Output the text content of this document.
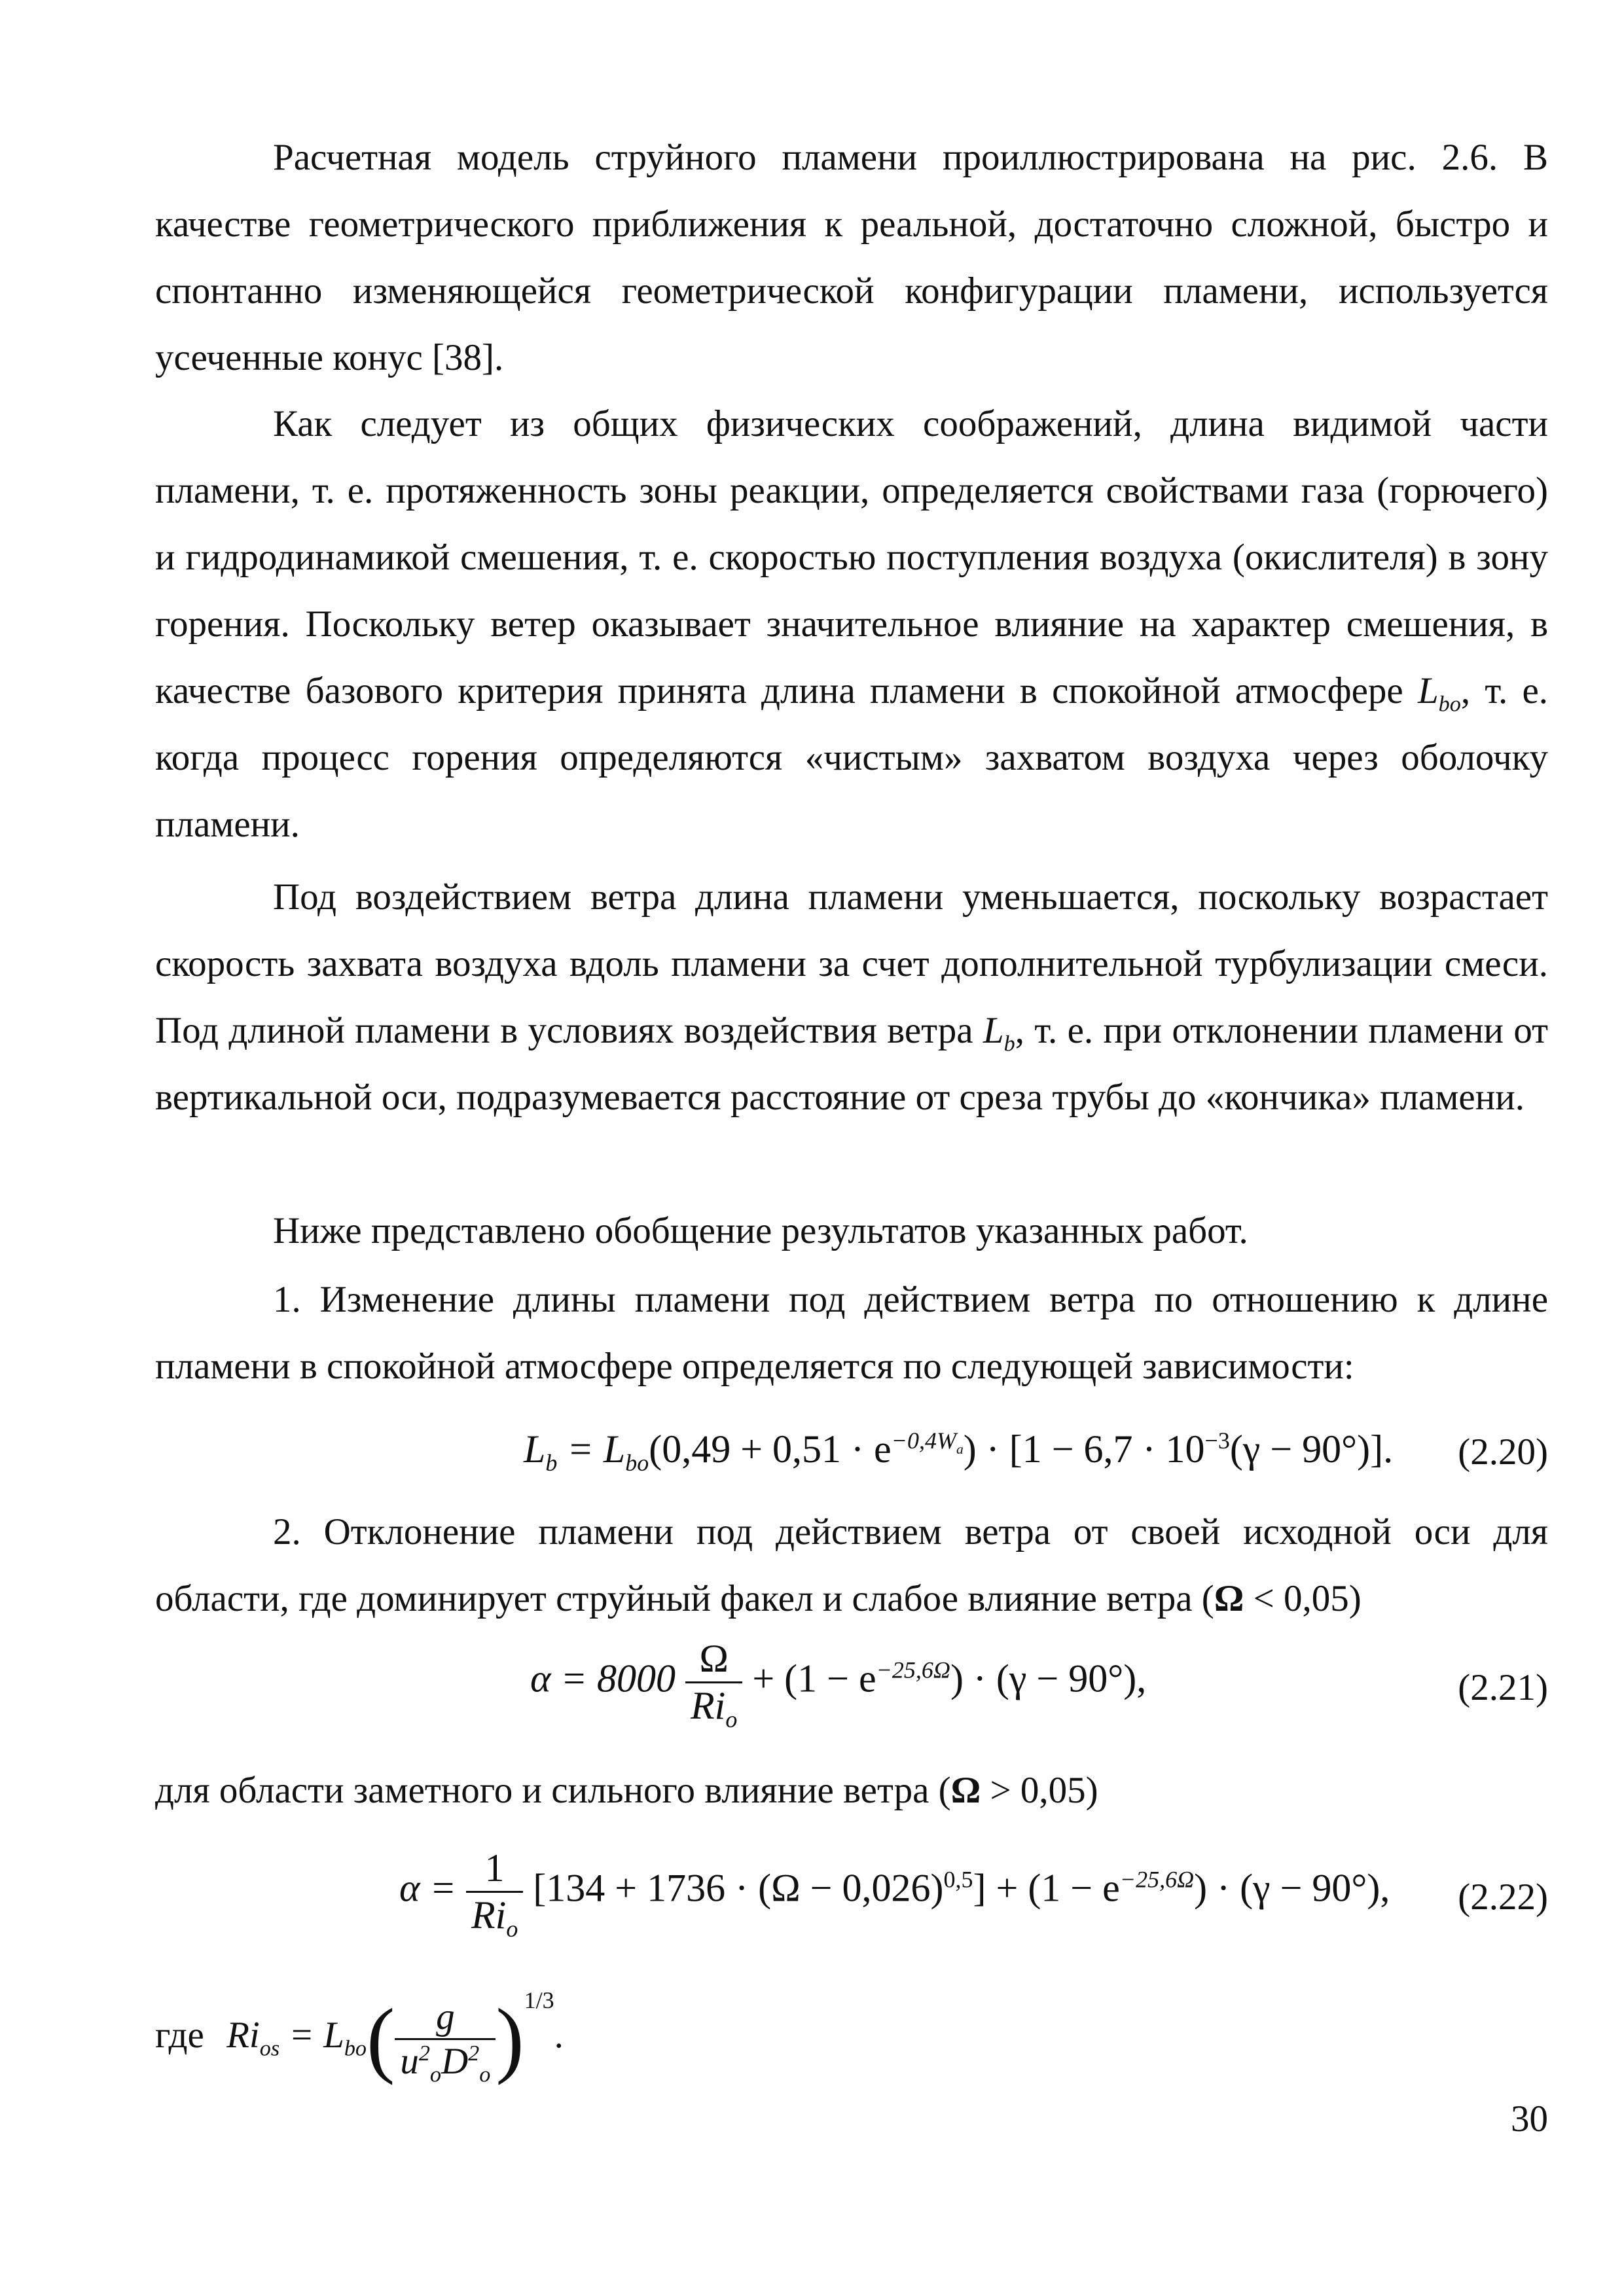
Расчетная модель струйного пламени проиллюстрирована на рис. 2.6. В качестве геометрического приближения к реальной, достаточно сложной, быстро и спонтанно изменяющейся геометрической конфигурации пламени, используется усеченные конус [38].

Как следует из общих физических соображений, длина видимой части пламени, т. е. протяженность зоны реакции, определяется свойствами газа (горючего) и гидродинамикой смешения, т. е. скоростью поступления воздуха (окислителя) в зону горения. Поскольку ветер оказывает значительное влияние на характер смешения, в качестве базового критерия принята длина пламени в спокойной атмосфере $L_{bo}$, т. е. когда процесс горения определяются «чистым» захватом воздуха через оболочку пламени.

Под воздействием ветра длина пламени уменьшается, поскольку возрастает скорость захвата воздуха вдоль пламени за счет дополнительной турбулизации смеси. Под длиной пламени в условиях воздействия ветра $L_b$, т. е. при отклонении пламени от вертикальной оси, подразумевается расстояние от среза трубы до «кончика» пламени.

Ниже представлено обобщение результатов указанных работ.

1. Изменение длины пламени под действием ветра по отношению к длине пламени в спокойной атмосфере определяется по следующей зависимости:

$L_b = L_{bo}(0,49 + 0,51 \cdot e^{-0,4W_a}) \cdot [1 - 6,7 \cdot 10^{-3}(\gamma - 90^\circ)]$. (2.20)

2. Отклонение пламени под действием ветра от своей исходной оси для области, где доминирует струйный факел и слабое влияние ветра (Ω < 0,05)

$\alpha = 8000 \frac{\Omega}{Ri_o} + (1 - e^{-25,6\Omega}) \cdot (\gamma - 90^\circ)$,	(2.21)

для области заметного и сильного влияние ветра (Ω > 0,05)

$\alpha = \frac{1}{Ri_o} [134 + 1736 \cdot (\Omega - 0,026)^{0,5}] + (1 - e^{-25,6\Omega}) \cdot (\gamma - 90^\circ)$, (2.22)
где $Ri_{os} = L_{bo}( \frac{g}{u^2_oD^2_o} )^{1/3}$.
30
